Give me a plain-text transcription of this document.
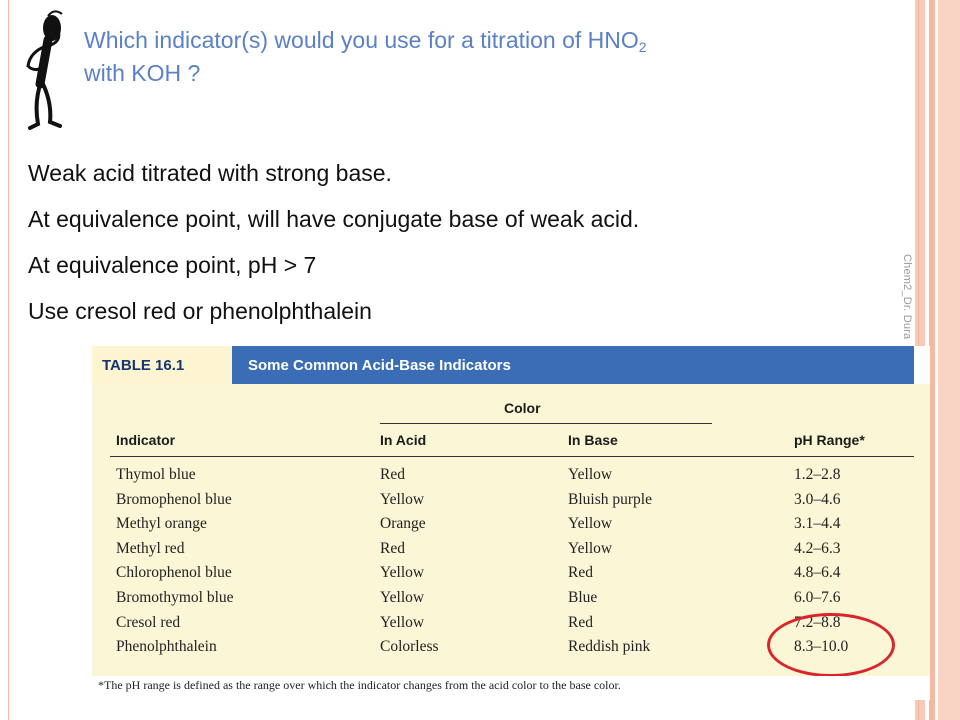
Which indicator(s) would you use for a titration of $HNO_2$
with KOH ?
Weak acid titrated with strong base.
At equivalence point, will have conjugate base of weak acid.
At equivalence point, pH > 7
Use cresol red or phenolphthalein	Chem2_Dr. Dura
TABLE 16.1	Some Common Acid-Base Indicators
Color
Indicator	In Acid	In Base	pH Range*
Thymol blue	Red	Yellow	1.2–2.8
Bromophenol blue	Yellow	Bluish purple	3.0–4.6
Methyl orange	Orange	Yellow	3.1–4.4
Methyl red	Red	Yellow	4.2–6.3
Chlorophenol blue	Yellow	Red	4.8–6.4
Bromothymol blue	Yellow	Blue	6.0–7.6
Cresol red	Yellow	Red	7.2–8.8
Phenolphthalein	Colorless	Reddish pink	8.3–10.0
*The pH range is defined as the range over which the indicator changes from the acid color to the base color.
